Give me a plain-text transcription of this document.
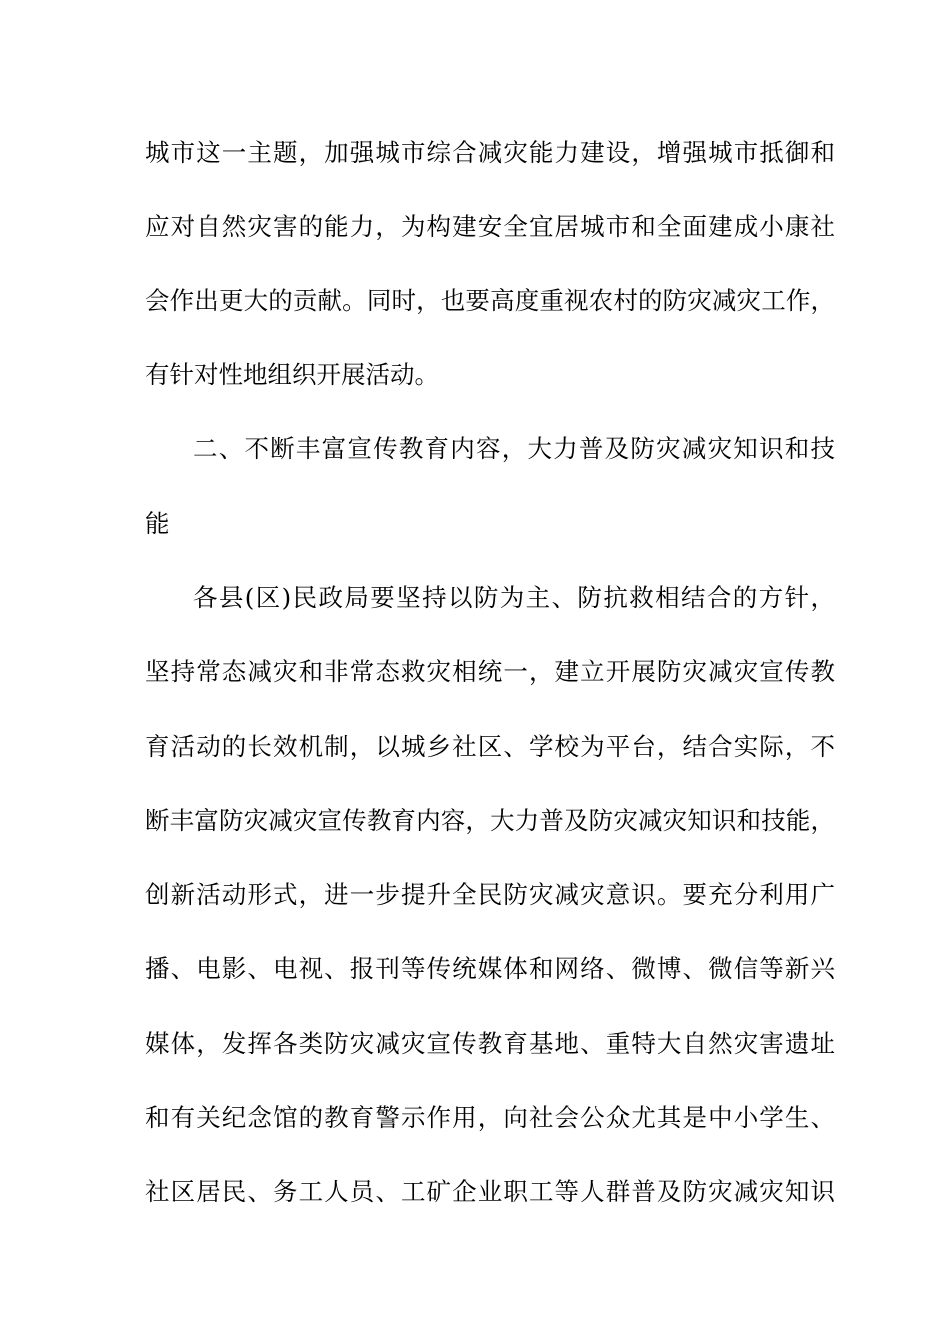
城市这一主题，加强城市综合减灾能力建设，增强城市抵御和
应对自然灾害的能力，为构建安全宜居城市和全面建成小康社
会作出更大的贡献。同时，也要高度重视农村的防灾减灾工作，
有针对性地组织开展活动。
二、不断丰富宣传教育内容，大力普及防灾减灾知识和技
能
各县(区)民政局要坚持以防为主、防抗救相结合的方针，
坚持常态减灾和非常态救灾相统一，建立开展防灾减灾宣传教
育活动的长效机制，以城乡社区、学校为平台，结合实际，不
断丰富防灾减灾宣传教育内容，大力普及防灾减灾知识和技能，
创新活动形式，进一步提升全民防灾减灾意识。要充分利用广
播、电影、电视、报刊等传统媒体和网络、微博、微信等新兴
媒体，发挥各类防灾减灾宣传教育基地、重特大自然灾害遗址
和有关纪念馆的教育警示作用，向社会公众尤其是中小学生、
社区居民、务工人员、工矿企业职工等人群普及防灾减灾知识
